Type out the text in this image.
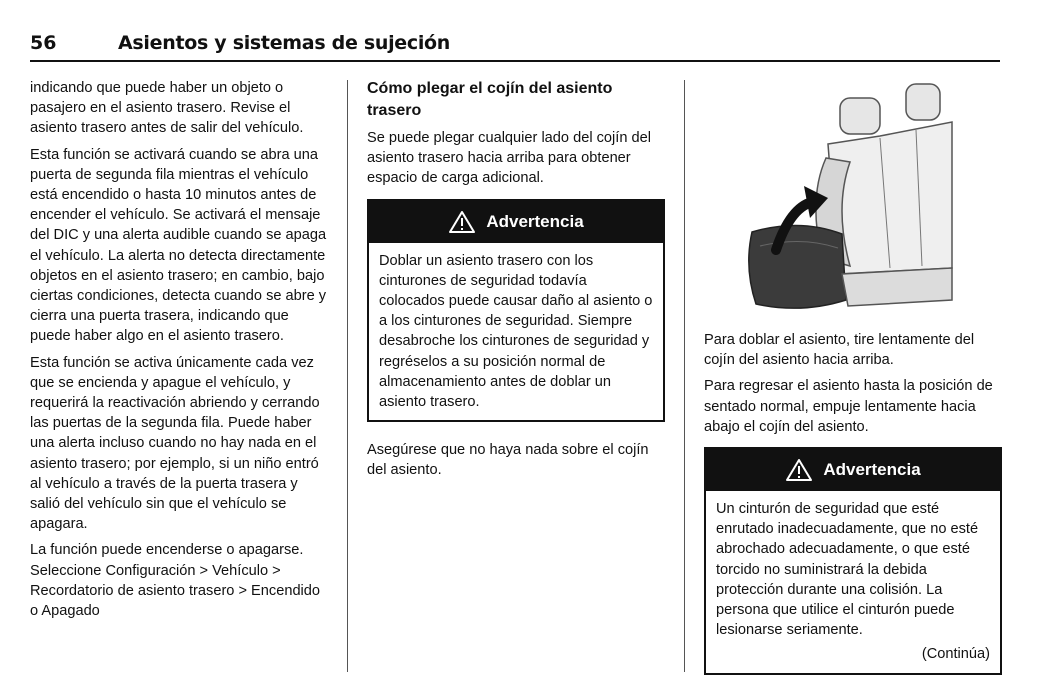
56	Asientos y sistemas de sujeción

indicando que puede haber un objeto o pasajero en el asiento trasero. Revise el asiento trasero antes de salir del vehículo.

Esta función se activará cuando se abra una puerta de segunda fila mientras el vehículo está encendido o hasta 10 minutos antes de encender el vehículo. Se activará el mensaje del DIC y una alerta audible cuando se apaga el vehículo. La alerta no detecta directamente objetos en el asiento trasero; en cambio, bajo ciertas condiciones, detecta cuando se abre y cierra una puerta trasera, indicando que puede haber algo en el asiento trasero.

Esta función se activa únicamente cada vez que se encienda y apague el vehículo, y requerirá la reactivación abriendo y cerrando las puertas de la segunda fila. Puede haber una alerta incluso cuando no hay nada en el asiento trasero; por ejemplo, si un niño entró al vehículo a través de la puerta trasera y salió del vehículo sin que el vehículo se apagara.

La función puede encenderse o apagarse. Seleccione Configuración > Vehículo > Recordatorio de asiento trasero > Encendido o Apagado

Cómo plegar el cojín del asiento trasero

Se puede plegar cualquier lado del cojín del asiento trasero hacia arriba para obtener espacio de carga adicional.

Advertencia
Doblar un asiento trasero con los cinturones de seguridad todavía colocados puede causar daño al asiento o a los cinturones de seguridad. Siempre desabroche los cinturones de seguridad y regréselos a su posición normal de almacenamiento antes de doblar un asiento trasero.

Asegúrese que no haya nada sobre el cojín del asiento.

Para doblar el asiento, tire lentamente del cojín del asiento hacia arriba.

Para regresar el asiento hasta la posición de sentado normal, empuje lentamente hacia abajo el cojín del asiento.

Advertencia
Un cinturón de seguridad que esté enrutado inadecuadamente, que no esté abrochado adecuadamente, o que esté torcido no suministrará la debida protección durante una colisión. La persona que utilice el cinturón puede lesionarse seriamente.
(Continúa)
